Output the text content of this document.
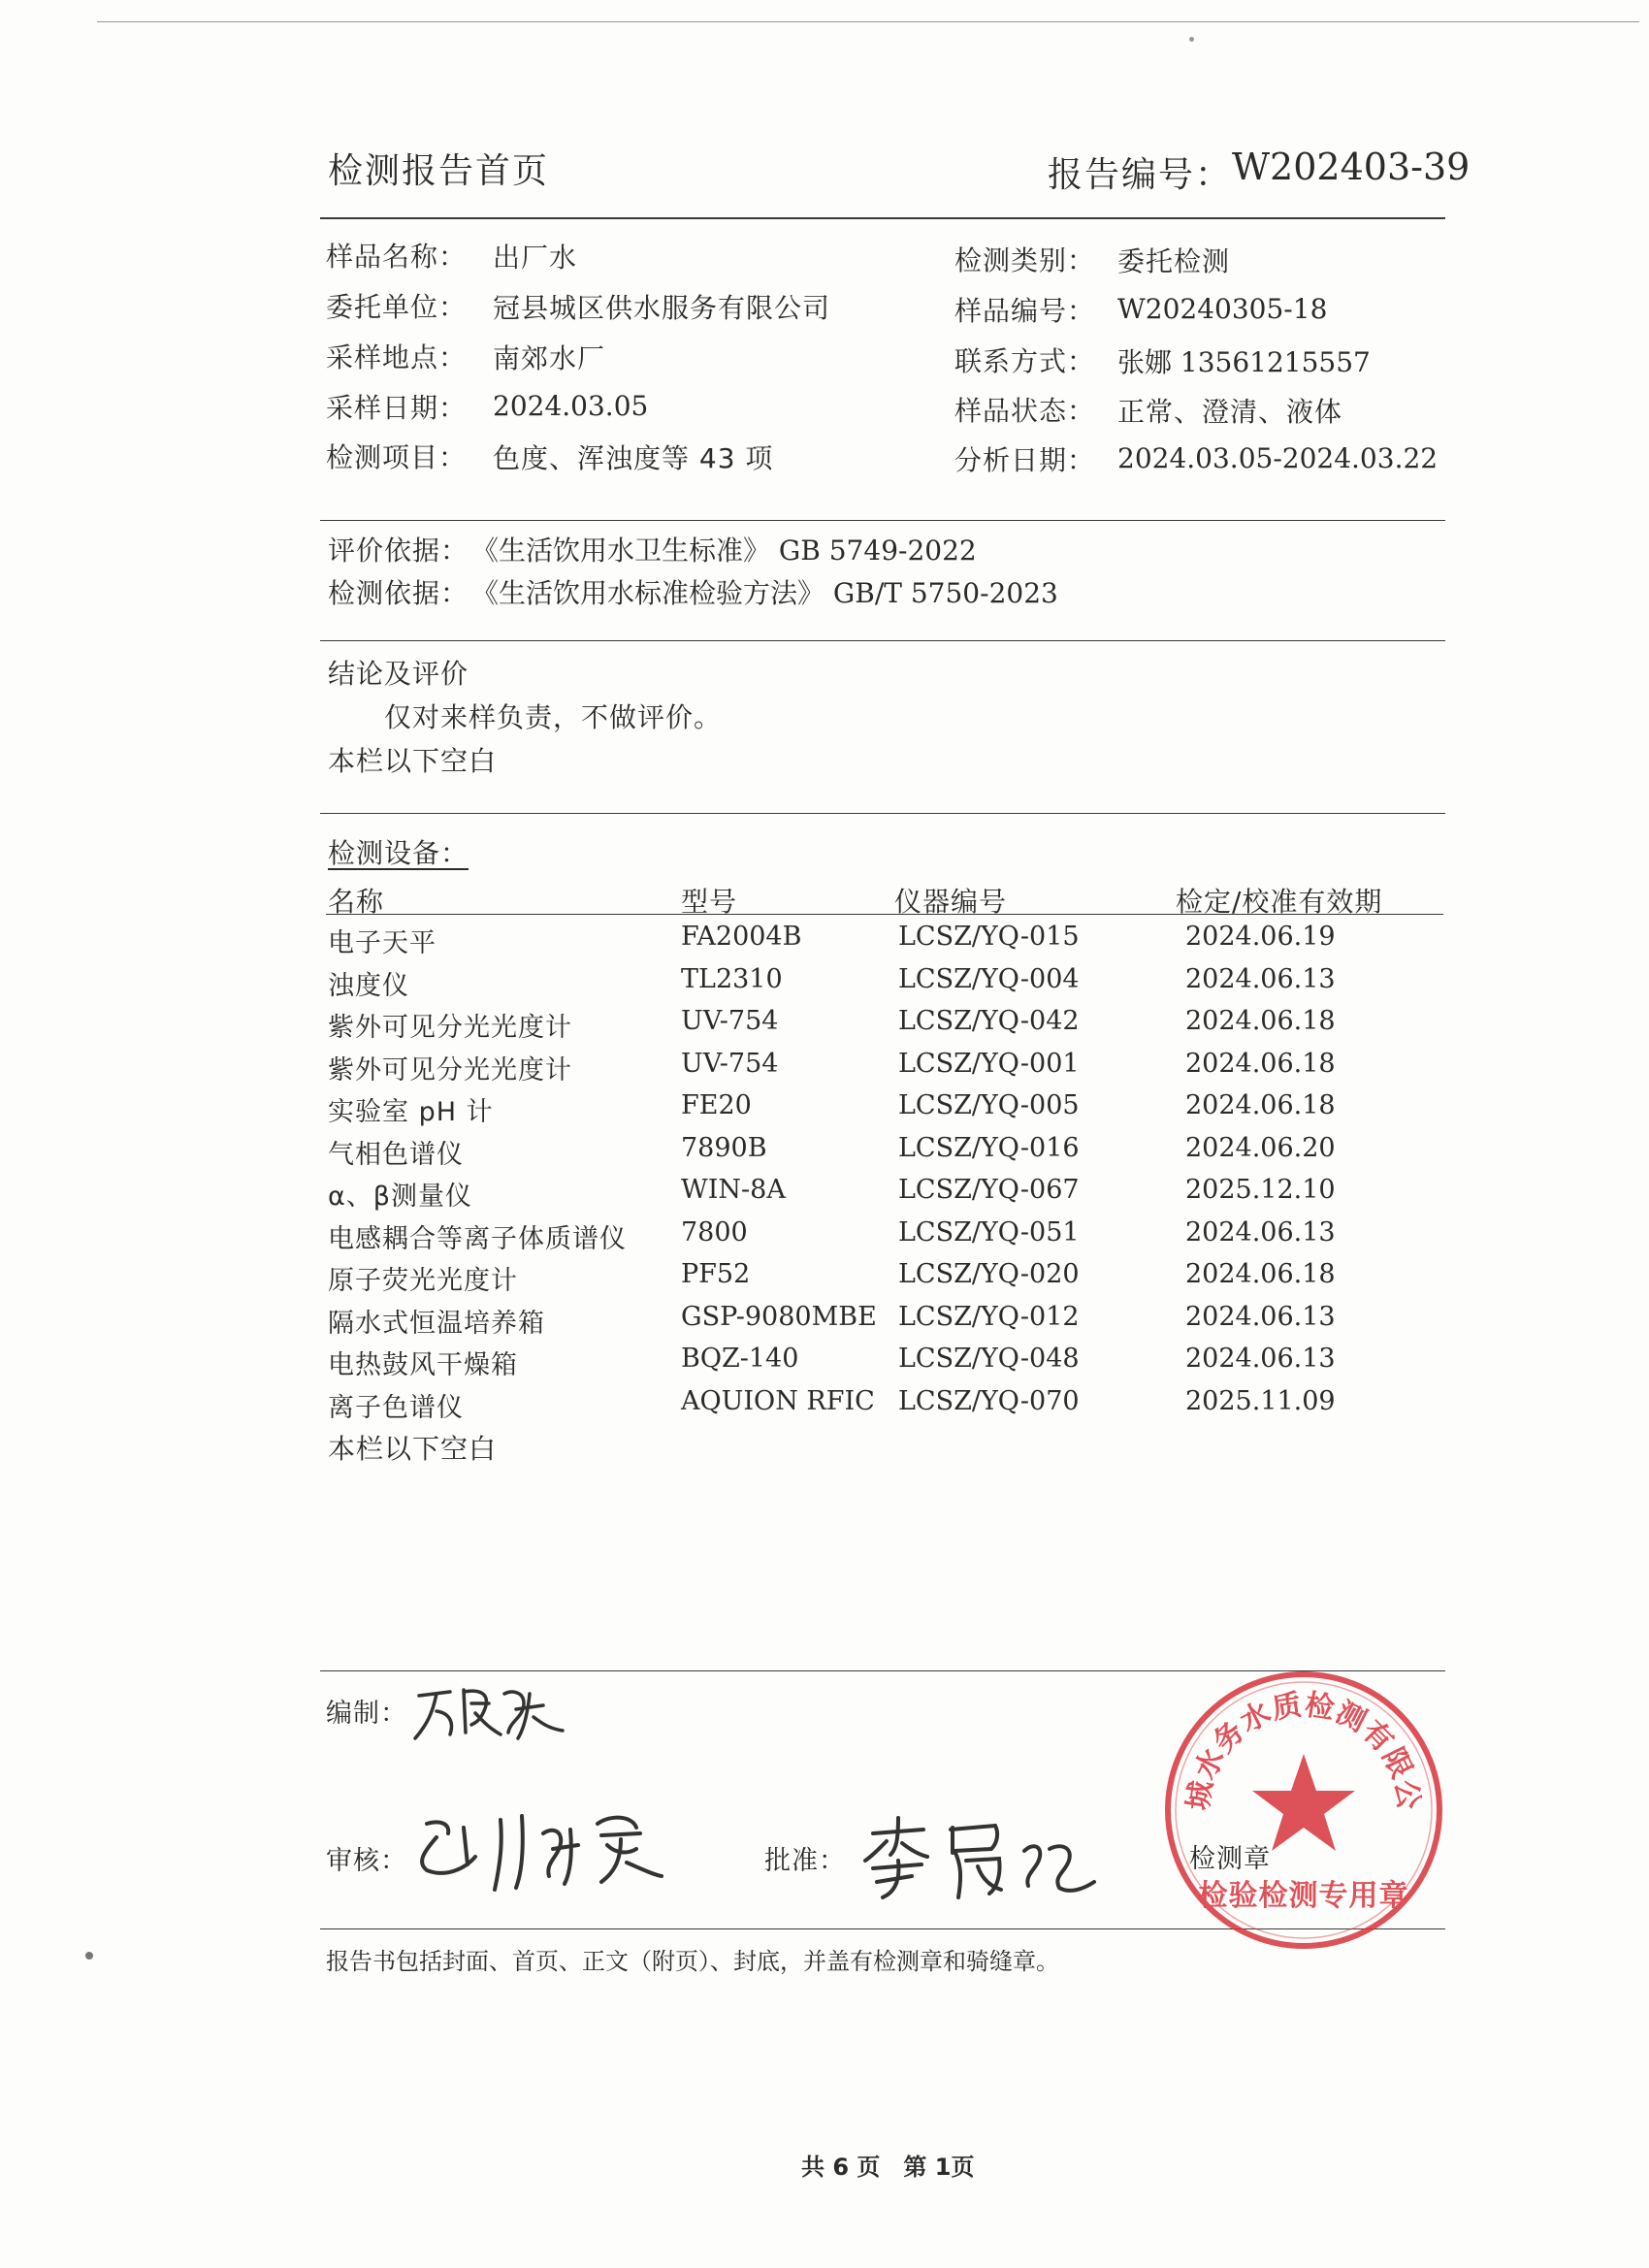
检测报告首页	报告编号： W202403-39
样品名称： 出厂水
委托单位： 冠县城区供水服务有限公司
采样地点： 南郊水厂
采样日期： 2024.03.05
检测项目： 色度、浑浊度等 43 项
检测类别： 委托检测
样品编号： W20240305-18
联系方式： 张娜 13561215557
样品状态： 正常、澄清、液体
分析日期： 2024.03.05-2024.03.22
评价依据： 《生活饮用水卫生标准》 GB 5749-2022
检测依据： 《生活饮用水标准检验方法》 GB/T 5750-2023
结论及评价
仅对来样负责，不做评价。
本栏以下空白
检测设备：
名称	型号	仪器编号	检定/校准有效期
电子天平	FA2004B	LCSZ/YQ-015	2024.06.19
浊度仪	TL2310	LCSZ/YQ-004	2024.06.13
紫外可见分光光度计	UV-754	LCSZ/YQ-042	2024.06.18
紫外可见分光光度计	UV-754	LCSZ/YQ-001	2024.06.18
实验室 pH 计	FE20	LCSZ/YQ-005	2024.06.18
气相色谱仪	7890B	LCSZ/YQ-016	2024.06.20
α、β测量仪	WIN-8A	LCSZ/YQ-067	2025.12.10
电感耦合等离子体质谱仪 7800	LCSZ/YQ-051	2024.06.13
原子荧光光度计	PF52	LCSZ/YQ-020	2024.06.18
隔水式恒温培养箱	GSP-9080MBE LCSZ/YQ-012	2024.06.13
电热鼓风干燥箱	BQZ-140	LCSZ/YQ-048	2024.06.13
离子色谱仪	AQUION RFIC LCSZ/YQ-070	2025.11.09
本栏以下空白
编制：
审核：	批准：
聊城水务水质检测有限公司
检验检测专用章
检测章
报告书包括封面、首页、正文（附页）、封底，并盖有检测章和骑缝章。
共 6 页　第 1页
